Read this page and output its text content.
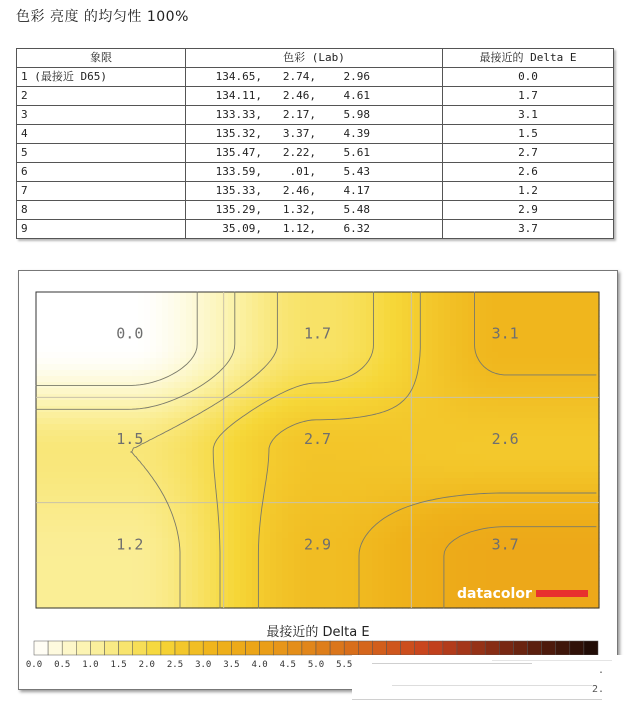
色彩 亮度 的均匀性 100%
象限	色彩 (Lab)	最接近的 Delta E
1 (最接近 D65)	134.65, 2.74, 2.96	0.0
2	134.11, 2.46, 4.61	1.7
3	133.33, 2.17, 5.98	3.1
4	135.32, 3.37, 4.39	1.5
5	135.47, 2.22, 5.61	2.7
6	133.59, .01, 5.43	2.6
7	135.33, 2.46, 4.17	1.2
8	135.29, 1.32, 5.48	2.9
9	35.09, 1.12, 6.32	3.7
0.0	1.7	3.1
1.5	2.7	2.6
1.2	2.9	3.7
datacolor
最接近的 Delta E
0.0 0.5 1.0 1.5 2.0 2.5 3.0 3.5 4.0 4.5 5.0 5.5	.
2.
